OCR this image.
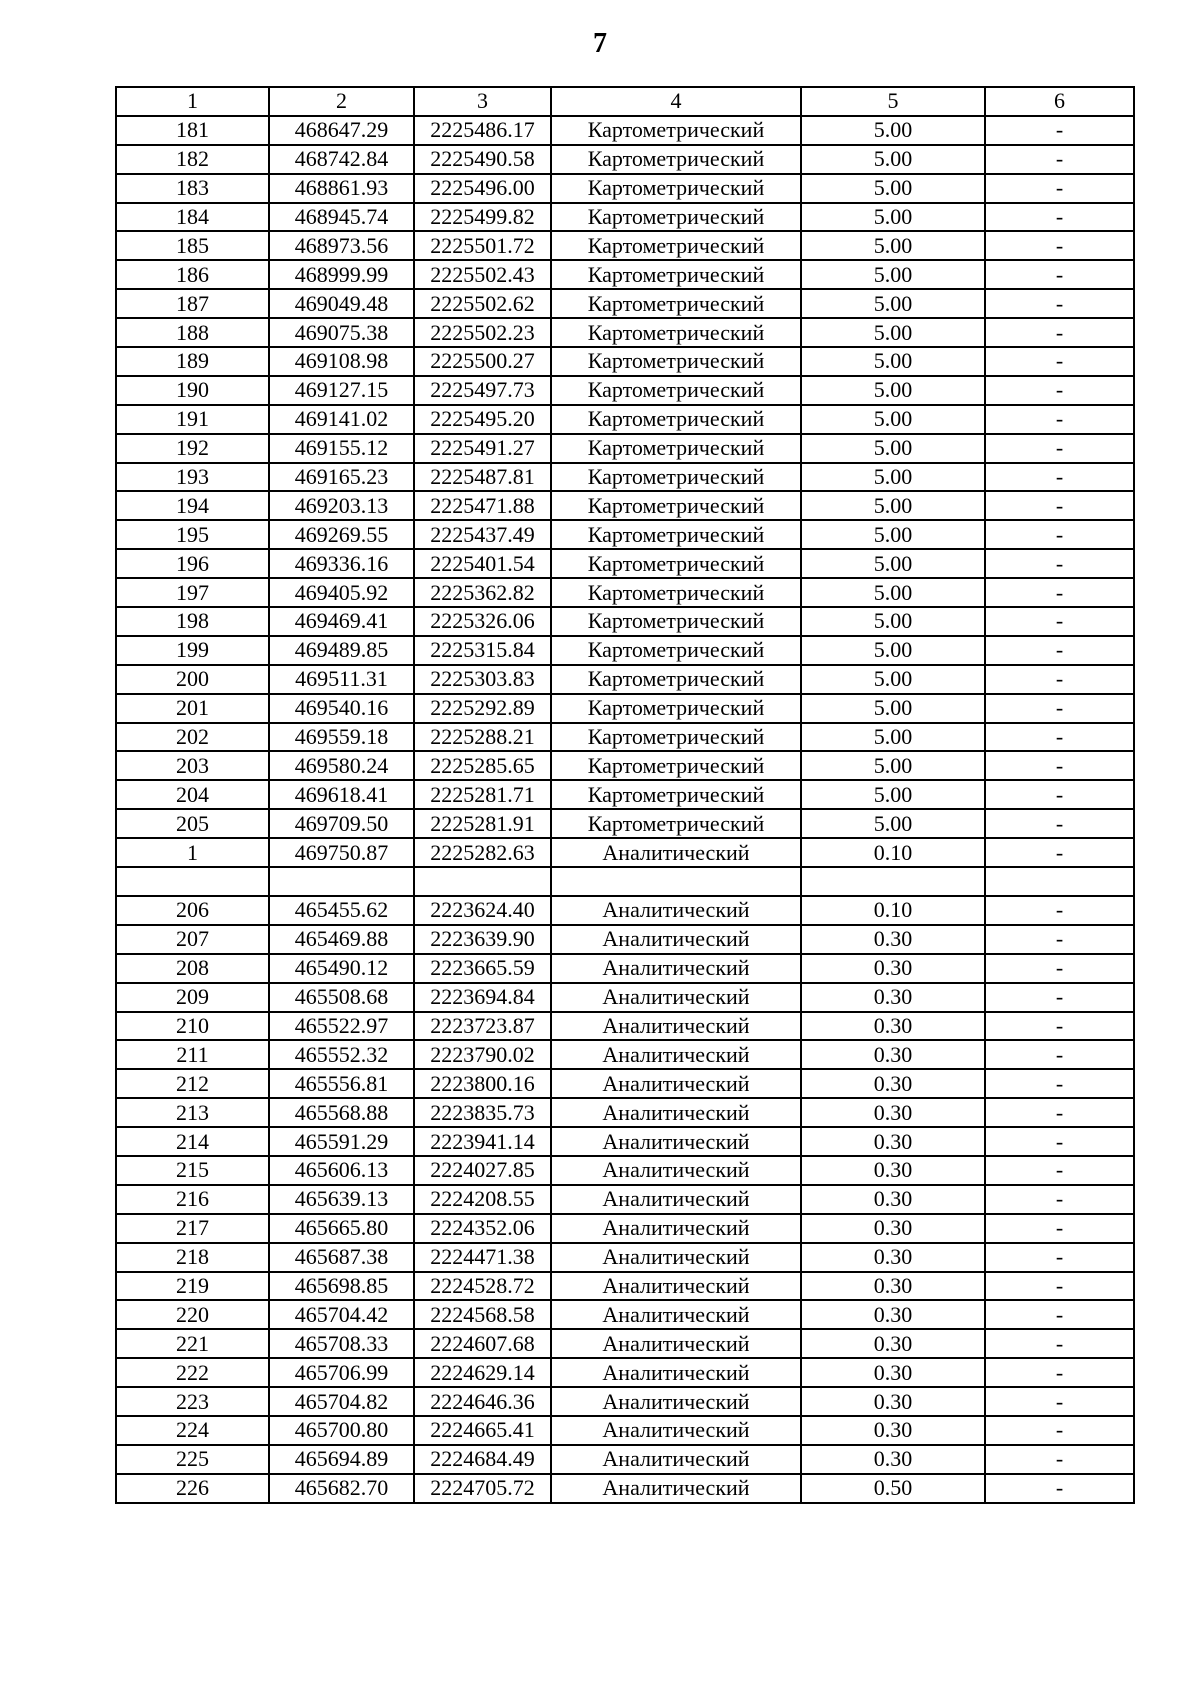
7
1	2	3	4	5	6
181	468647.29	2225486.17	Картометрический	5.00	-
182	468742.84	2225490.58	Картометрический	5.00	-
183	468861.93	2225496.00	Картометрический	5.00	-
184	468945.74	2225499.82	Картометрический	5.00	-
185	468973.56	2225501.72	Картометрический	5.00	-
186	468999.99	2225502.43	Картометрический	5.00	-
187	469049.48	2225502.62	Картометрический	5.00	-
188	469075.38	2225502.23	Картометрический	5.00	-
189	469108.98	2225500.27	Картометрический	5.00	-
190	469127.15	2225497.73	Картометрический	5.00	-
191	469141.02	2225495.20	Картометрический	5.00	-
192	469155.12	2225491.27	Картометрический	5.00	-
193	469165.23	2225487.81	Картометрический	5.00	-
194	469203.13	2225471.88	Картометрический	5.00	-
195	469269.55	2225437.49	Картометрический	5.00	-
196	469336.16	2225401.54	Картометрический	5.00	-
197	469405.92	2225362.82	Картометрический	5.00	-
198	469469.41	2225326.06	Картометрический	5.00	-
199	469489.85	2225315.84	Картометрический	5.00	-
200	469511.31	2225303.83	Картометрический	5.00	-
201	469540.16	2225292.89	Картометрический	5.00	-
202	469559.18	2225288.21	Картометрический	5.00	-
203	469580.24	2225285.65	Картометрический	5.00	-
204	469618.41	2225281.71	Картометрический	5.00	-
205	469709.50	2225281.91	Картометрический	5.00	-
1	469750.87	2225282.63	Аналитический	0.10	-

206	465455.62	2223624.40	Аналитический	0.10	-
207	465469.88	2223639.90	Аналитический	0.30	-
208	465490.12	2223665.59	Аналитический	0.30	-
209	465508.68	2223694.84	Аналитический	0.30	-
210	465522.97	2223723.87	Аналитический	0.30	-
211	465552.32	2223790.02	Аналитический	0.30	-
212	465556.81	2223800.16	Аналитический	0.30	-
213	465568.88	2223835.73	Аналитический	0.30	-
214	465591.29	2223941.14	Аналитический	0.30	-
215	465606.13	2224027.85	Аналитический	0.30	-
216	465639.13	2224208.55	Аналитический	0.30	-
217	465665.80	2224352.06	Аналитический	0.30	-
218	465687.38	2224471.38	Аналитический	0.30	-
219	465698.85	2224528.72	Аналитический	0.30	-
220	465704.42	2224568.58	Аналитический	0.30	-
221	465708.33	2224607.68	Аналитический	0.30	-
222	465706.99	2224629.14	Аналитический	0.30	-
223	465704.82	2224646.36	Аналитический	0.30	-
224	465700.80	2224665.41	Аналитический	0.30	-
225	465694.89	2224684.49	Аналитический	0.30	-
226	465682.70	2224705.72	Аналитический	0.50	-
